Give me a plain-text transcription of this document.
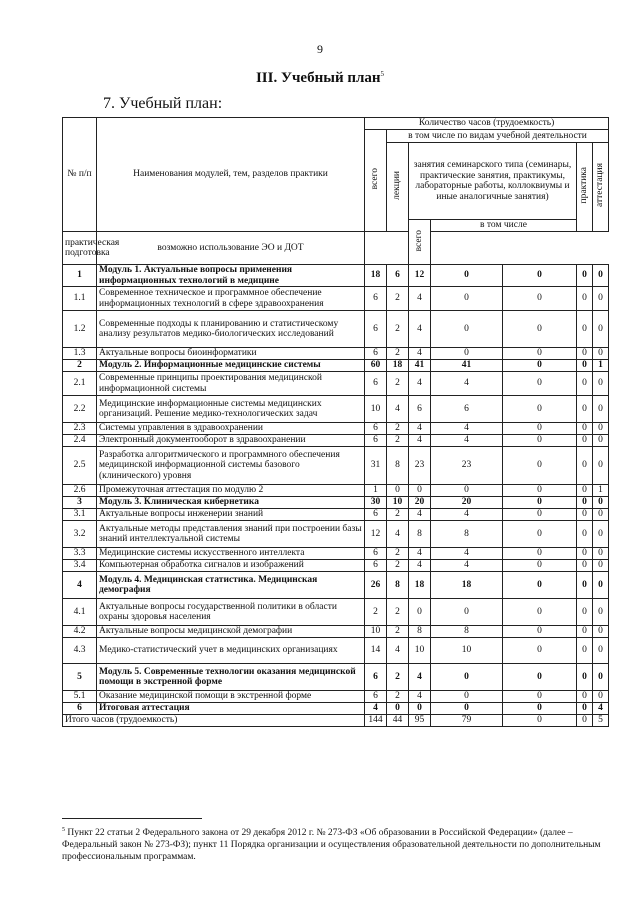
9
III. Учебный план$^5$
7. Учебный план:
№ п/п	Наименования модулей, тем, разделов практики	Количество часов (трудоемкость)						
		всего	в том числе по видам учебной деятельности					
			лекции	занятия семинарского типа (семинары, практические занятия, практикумы, лабораторные работы, коллоквиумы и иные аналогичные занятия)			практика	аттестация
				всего	в том числе			
практическая подготовка	возможно использование ЭО и ДОТ							
1	Модуль 1. Актуальные вопросы применения информационных технологий в медицине	18	6	12	0	0	0	0
1.1	Современное техническое и программное обеспечение информационных технологий в сфере здравоохранения	6	2	4	0	0	0	0
1.2	Современные подходы к планированию и статистическому анализу результатов медико-биологических исследований	6	2	4	0	0	0	0
1.3	Актуальные вопросы биоинформатики	6	2	4	0	0	0	0
2	Модуль 2. Информационные медицинские системы	60	18	41	41	0	0	1
2.1	Современные принципы проектирования медицинской информационной системы	6	2	4	4	0	0	0
2.2	Медицинские информационные системы медицинских организаций. Решение медико-технологических задач	10	4	6	6	0	0	0
2.3	Системы управления в здравоохранении	6	2	4	4	0	0	0
2.4	Электронный документооборот в здравоохранении	6	2	4	4	0	0	0
2.5	Разработка алгоритмического и программного обеспечения медицинской информационной системы базового (клинического) уровня	31	8	23	23	0	0	0
2.6	Промежуточная аттестация по модулю 2	1	0	0	0	0	0	1
3	Модуль 3. Клиническая кибернетика	30	10	20	20	0	0	0
3.1	Актуальные вопросы инженерии знаний	6	2	4	4	0	0	0
3.2	Актуальные методы представления знаний при построении базы знаний интеллектуальной системы	12	4	8	8	0	0	0
3.3	Медицинские системы искусственного интеллекта	6	2	4	4	0	0	0
3.4	Компьютерная обработка сигналов и изображений	6	2	4	4	0	0	0
4	Модуль 4. Медицинская статистика. Медицинская демография	26	8	18	18	0	0	0
4.1	Актуальные вопросы государственной политики в области охраны здоровья населения	2	2	0	0	0	0	0
4.2	Актуальные вопросы медицинской демографии	10	2	8	8	0	0	0
4.3	Медико-статистический учет в медицинских организациях	14	4	10	10	0	0	0
5	Модуль 5. Современные технологии оказания медицинской помощи в экстренной форме	6	2	4	0	0	0	0
5.1	Оказание медицинской помощи в экстренной форме	6	2	4	0	0	0	0
6	Итоговая аттестация	4	0	0	0	0	0	4
Итого часов (трудоемкость)		144	44	95	79	0	0	5
$^5$ Пункт 22 статьи 2 Федерального закона от 29 декабря 2012 г. № 273-ФЗ «Об образовании в Российской Федерации» (далее – Федеральный закон № 273-ФЗ); пункт 11 Порядка организации и осуществления образовательной деятельности по дополнительным профессиональным программам.
